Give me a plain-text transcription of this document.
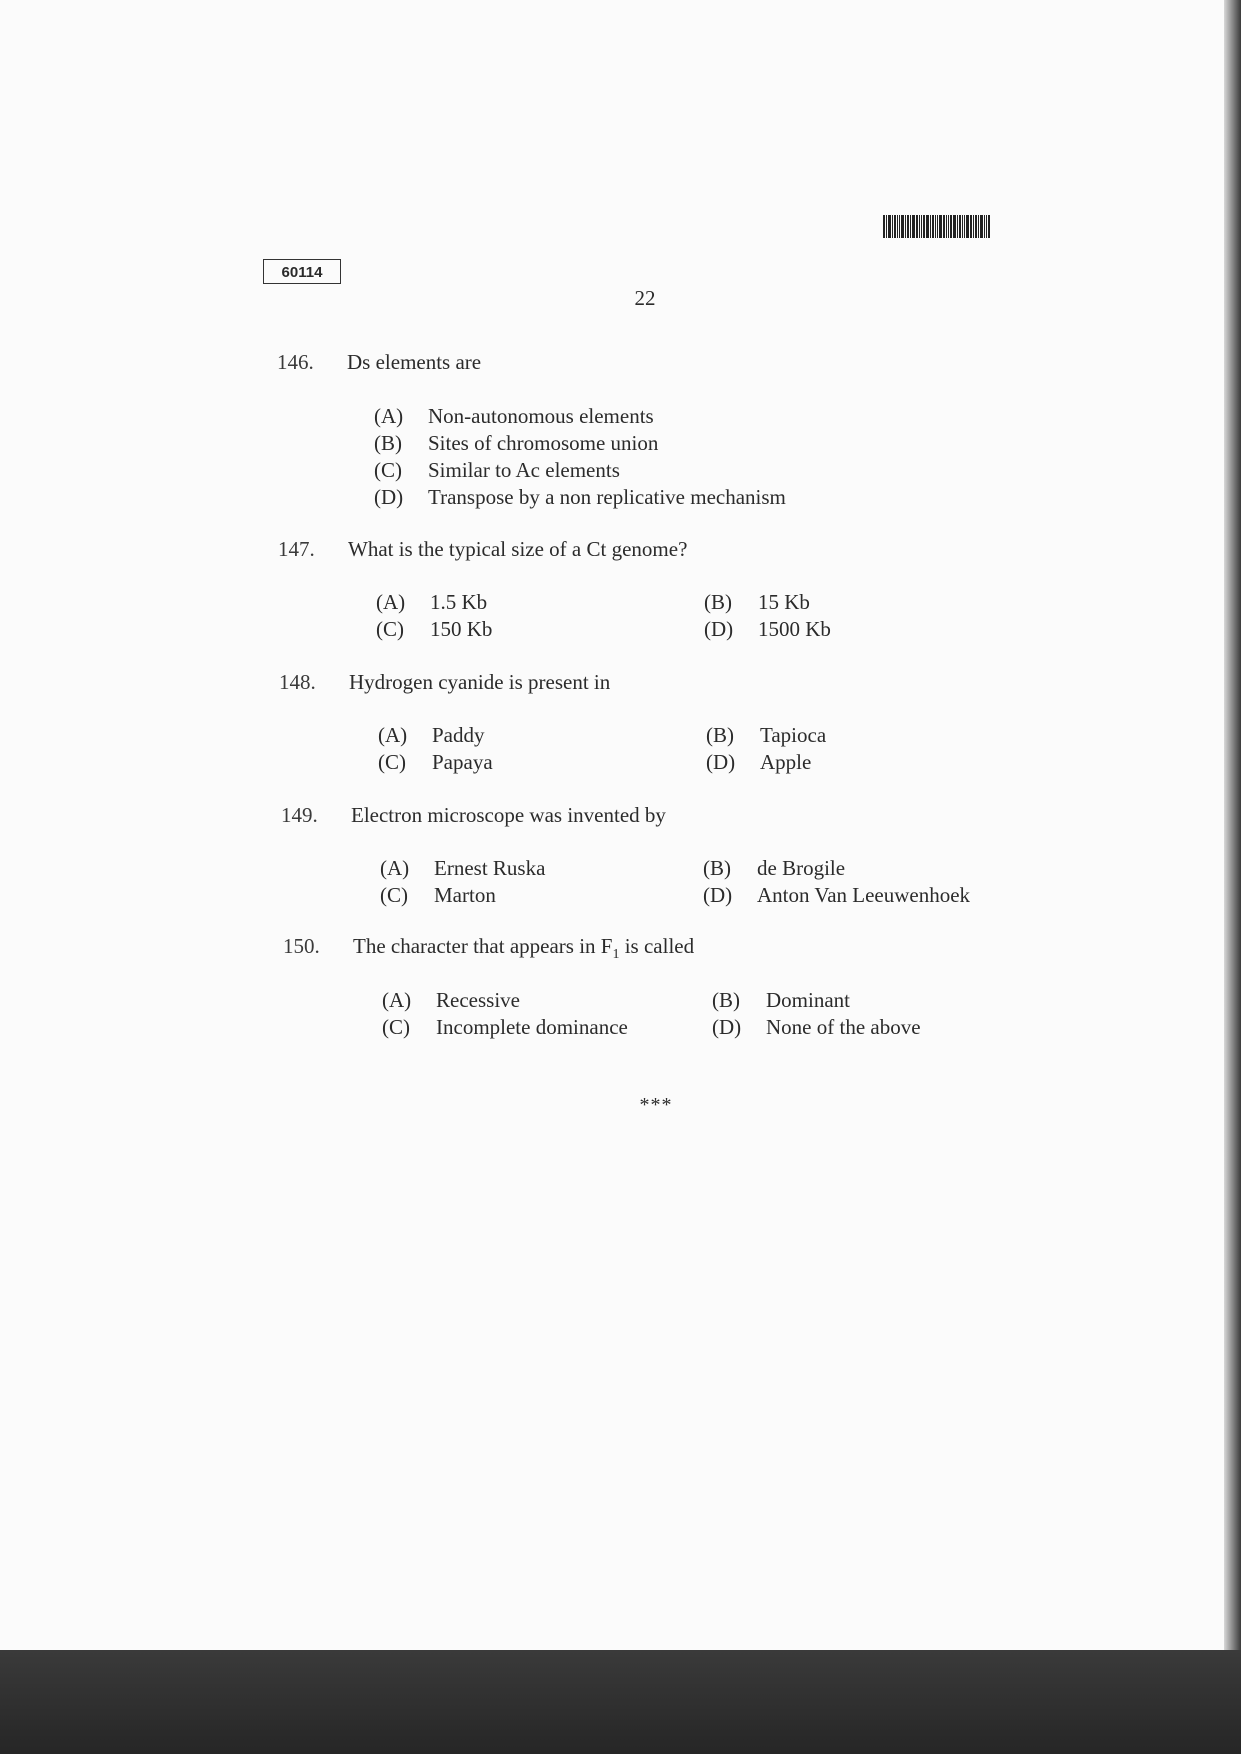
60114
22
146.	Ds elements are
(A) Non-autonomous elements
(B) Sites of chromosome union
(C) Similar to Ac elements
(D) Transpose by a non replicative mechanism
147.	What is the typical size of a Ct genome?
(A) 1.5 Kb	(B) 15 Kb
(C) 150 Kb	(D) 1500 Kb
148.	Hydrogen cyanide is present in
(A) Paddy	(B) Tapioca
(C) Papaya	(D) Apple
149.	Electron microscope was invented by
(A) Ernest Ruska	(B) de Brogile
(C) Marton	(D) Anton Van Leeuwenhoek
150.	The character that appears in $F_1$ is called
(A) Recessive	(B) Dominant
(C) Incomplete dominance	(D) None of the above
***
